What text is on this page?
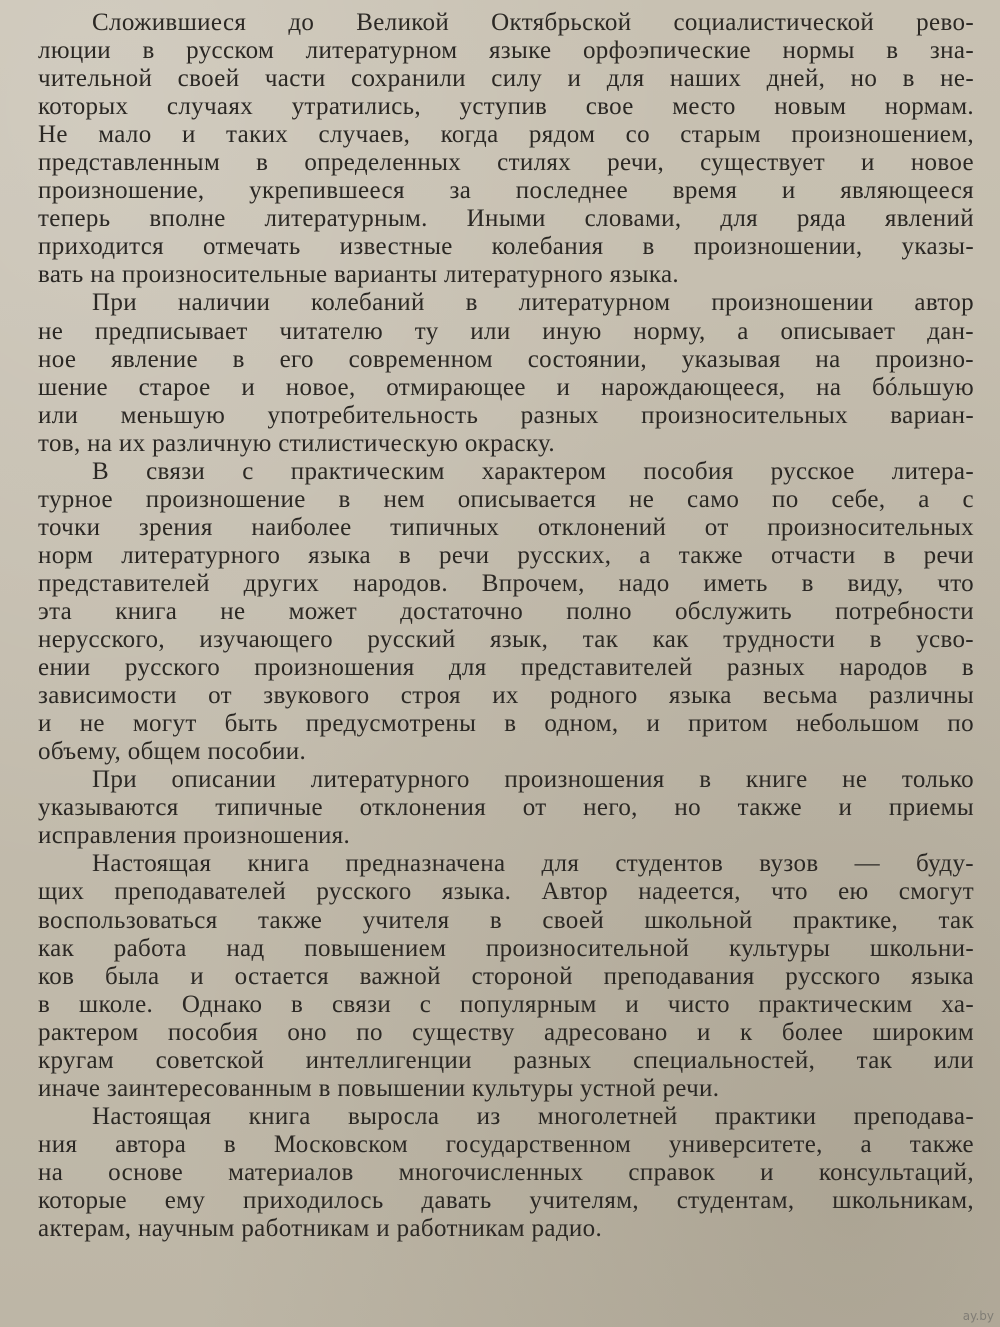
Сложившиеся до Великой Октябрьской социалистической рево-
люции в русском литературном языке орфоэпические нормы в зна-
чительной своей части сохранили силу и для наших дней, но в не-
которых случаях утратились, уступив свое место новым нормам.
Не мало и таких случаев, когда рядом со старым произношением,
представленным в определенных стилях речи, существует и новое
произношение, укрепившееся за последнее время и являющееся
теперь вполне литературным. Иными словами, для ряда явлений
приходится отмечать известные колебания в произношении, указы-
вать на произносительные варианты литературного языка.
При наличии колебаний в литературном произношении автор
не предписывает читателю ту или иную норму, а описывает дан-
ное явление в его современном состоянии, указывая на произно-
шение старое и новое, отмирающее и нарождающееся, на бóльшую
или меньшую употребительность разных произносительных вариан-
тов, на их различную стилистическую окраску.
В связи с практическим характером пособия русское литера-
турное произношение в нем описывается не само по себе, а с
точки зрения наиболее типичных отклонений от произносительных
норм литературного языка в речи русских, а также отчасти в речи
представителей других народов. Впрочем, надо иметь в виду, что
эта книга не может достаточно полно обслужить потребности
нерусского, изучающего русский язык, так как трудности в усво-
ении русского произношения для представителей разных народов в
зависимости от звукового строя их родного языка весьма различны
и не могут быть предусмотрены в одном, и притом небольшом по
объему, общем пособии.
При описании литературного произношения в книге не только
указываются типичные отклонения от него, но также и приемы
исправления произношения.
Настоящая книга предназначена для студентов вузов — буду-
щих преподавателей русского языка. Автор надеется, что ею смогут
воспользоваться также учителя в своей школьной практике, так
как работа над повышением произносительной культуры школьни-
ков была и остается важной стороной преподавания русского языка
в школе. Однако в связи с популярным и чисто практическим ха-
рактером пособия оно по существу адресовано и к более широким
кругам советской интеллигенции разных специальностей, так или
иначе заинтересованным в повышении культуры устной речи.
Настоящая книга выросла из многолетней практики преподава-
ния автора в Московском государственном университете, а также
на основе материалов многочисленных справок и консультаций,
которые ему приходилось давать учителям, студентам, школьникам,
актерам, научным работникам и работникам радио.
ay.by
